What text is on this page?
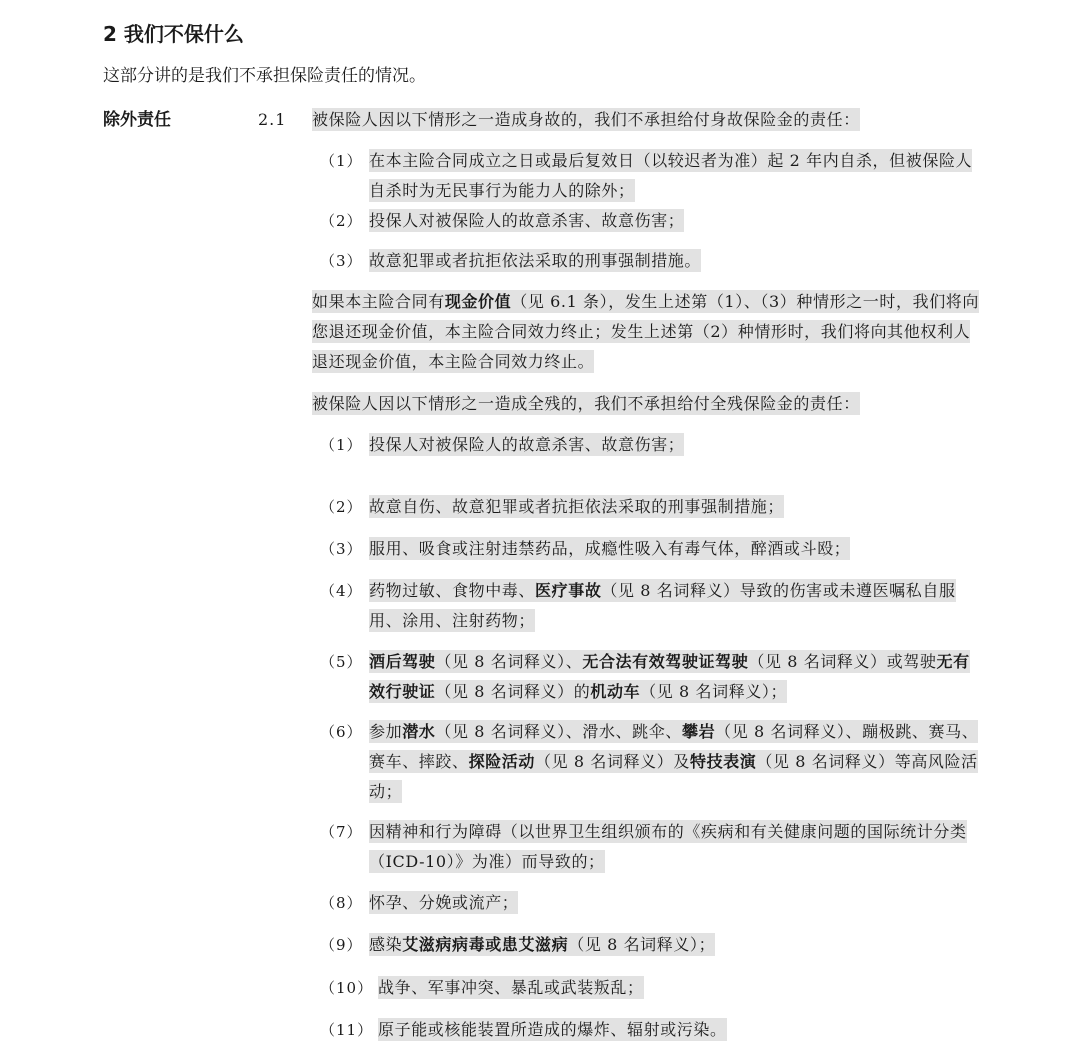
2 我们不保什么
这部分讲的是我们不承担保险责任的情况。
除外责任	2.1 被保险人因以下情形之一造成身故的，我们不承担给付身故保险金的责任：
（1） 在本主险合同成立之日或最后复效日（以较迟者为准）起 2 年内自杀，但被保险人自杀时为无民事行为能力人的除外；
（2） 投保人对被保险人的故意杀害、故意伤害；
（3） 故意犯罪或者抗拒依法采取的刑事强制措施。
如果本主险合同有现金价值（见 6.1 条），发生上述第（1）、（3）种情形之一时，我们将向您退还现金价值，本主险合同效力终止；发生上述第（2）种情形时，我们将向其他权利人退还现金价值，本主险合同效力终止。
被保险人因以下情形之一造成全残的，我们不承担给付全残保险金的责任：
（1） 投保人对被保险人的故意杀害、故意伤害；
（2） 故意自伤、故意犯罪或者抗拒依法采取的刑事强制措施；
（3） 服用、吸食或注射违禁药品，成瘾性吸入有毒气体，醉酒或斗殴；
（4） 药物过敏、食物中毒、医疗事故（见 8 名词释义）导致的伤害或未遵医嘱私自服用、涂用、注射药物；
（5） 酒后驾驶（见 8 名词释义）、无合法有效驾驶证驾驶（见 8 名词释义）或驾驶无有效行驶证（见 8 名词释义）的机动车（见 8 名词释义）；
（6） 参加潜水（见 8 名词释义）、滑水、跳伞、攀岩（见 8 名词释义）、蹦极跳、赛马、赛车、摔跤、探险活动（见 8 名词释义）及特技表演（见 8 名词释义）等高风险活动；
（7） 因精神和行为障碍（以世界卫生组织颁布的《疾病和有关健康问题的国际统计分类（ICD-10）》为准）而导致的；
（8） 怀孕、分娩或流产；
（9） 感染艾滋病病毒或患艾滋病（见 8 名词释义）；
（10） 战争、军事冲突、暴乱或武装叛乱；
（11） 原子能或核能装置所造成的爆炸、辐射或污染。
